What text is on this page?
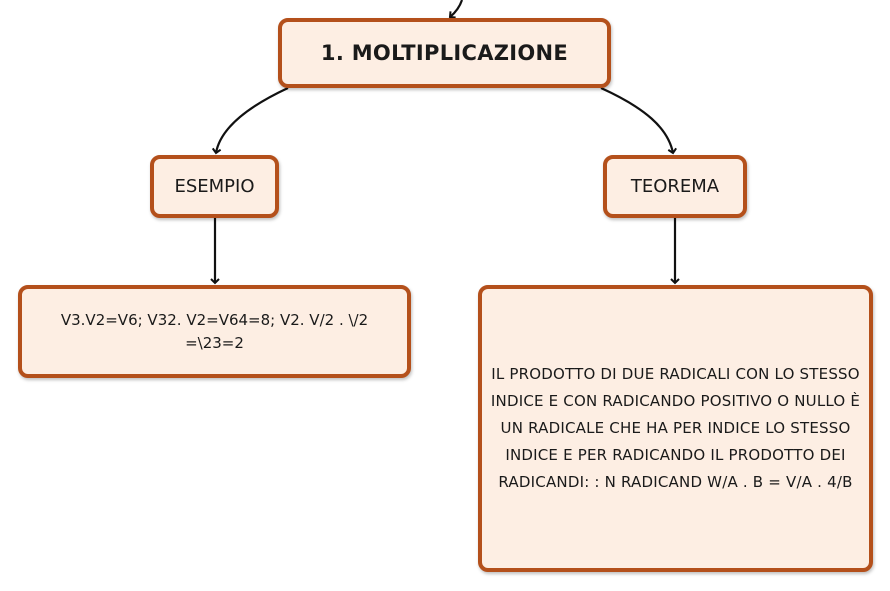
1. MOLTIPLICAZIONE
ESEMPIO	TEOREMA
V3.V2=V6; V32. V2=V64=8; V2. V/2 . \/2 =\23=2
IL PRODOTTO DI DUE RADICALI CON LO STESSO INDICE E CON RADICANDO POSITIVO O NULLO È UN RADICALE CHE HA PER INDICE LO STESSO INDICE E PER RADICANDO IL PRODOTTO DEI RADICANDI: : N RADICAND W/A . B = V/A . 4/B
